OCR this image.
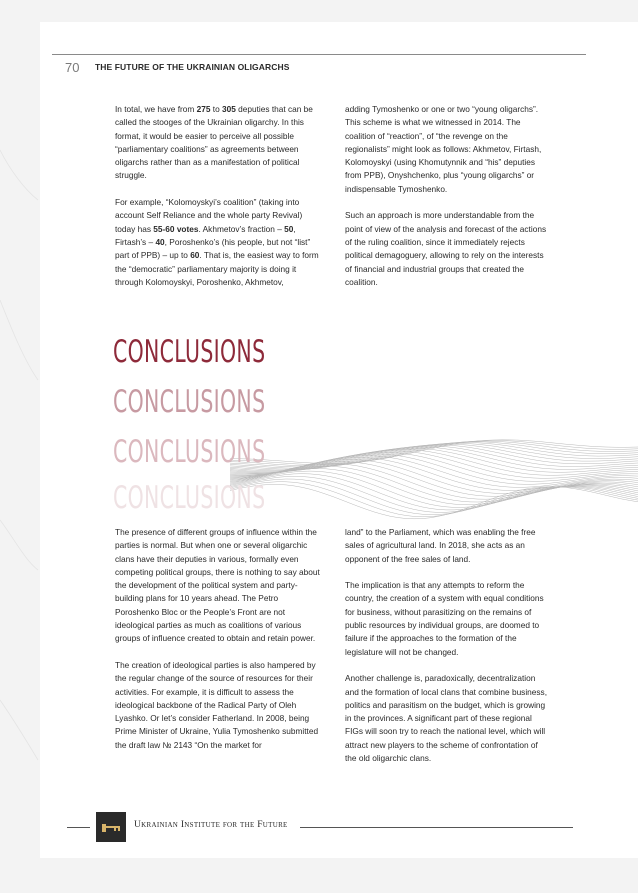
70 THE FUTURE OF THE UKRAINIAN OLIGARCHS

In total, we have from 275 to 305 deputies that can be called the stooges of the Ukrainian oligarchy. In this format, it would be easier to perceive all possible “parliamentary coalitions” as agreements between oligarchs rather than as a manifestation of political struggle.

For example, “Kolomoyskyi’s coalition” (taking into account Self Reliance and the whole party Revival) today has 55-60 votes. Akhmetov’s fraction – 50, Firtash’s – 40, Poroshenko’s (his people, but not “list” part of PPB) – up to 60. That is, the easiest way to form the “democratic” parliamentary majority is doing it through Kolomoyskyi, Poroshenko, Akhmetov,

adding Tymoshenko or one or two “young oligarchs”. This scheme is what we witnessed in 2014. The coalition of “reaction”, of “the revenge on the regionalists” might look as follows: Akhmetov, Firtash, Kolomoyskyi (using Khomutynnik and “his” deputies from PPB), Onyshchenko, plus “young oligarchs” or indispensable Tymoshenko.

Such an approach is more understandable from the point of view of the analysis and forecast of the actions of the ruling coalition, since it immediately rejects political demagoguery, allowing to rely on the interests of financial and industrial groups that created the coalition.

CONCLUSIONS
CONCLUSIONS
CONCLUSIONS
CONCLUSIONS

The presence of different groups of influence within the parties is normal. But when one or several oligarchic clans have their deputies in various, formally even competing political groups, there is nothing to say about the development of the political system and party-building plans for 10 years ahead. The Petro Poroshenko Bloc or the People’s Front are not ideological parties as much as coalitions of various groups of influence created to obtain and retain power.

The creation of ideological parties is also hampered by the regular change of the source of resources for their activities. For example, it is difficult to assess the ideological backbone of the Radical Party of Oleh Lyashko. Or let’s consider Fatherland. In 2008, being Prime Minister of Ukraine, Yulia Tymoshenko submitted the draft law № 2143 “On the market for

land” to the Parliament, which was enabling the free sales of agricultural land. In 2018, she acts as an opponent of the free sales of land.

The implication is that any attempts to reform the country, the creation of a system with equal conditions for business, without parasitizing on the remains of public resources by individual groups, are doomed to failure if the approaches to the formation of the legislature will not be changed.

Another challenge is, paradoxically, decentralization and the formation of local clans that combine business, politics and parasitism on the budget, which is growing in the provinces. A significant part of these regional FIGs will soon try to reach the national level, which will attract new players to the scheme of confrontation of the old oligarchic clans.

Ukrainian Institute for the Future
